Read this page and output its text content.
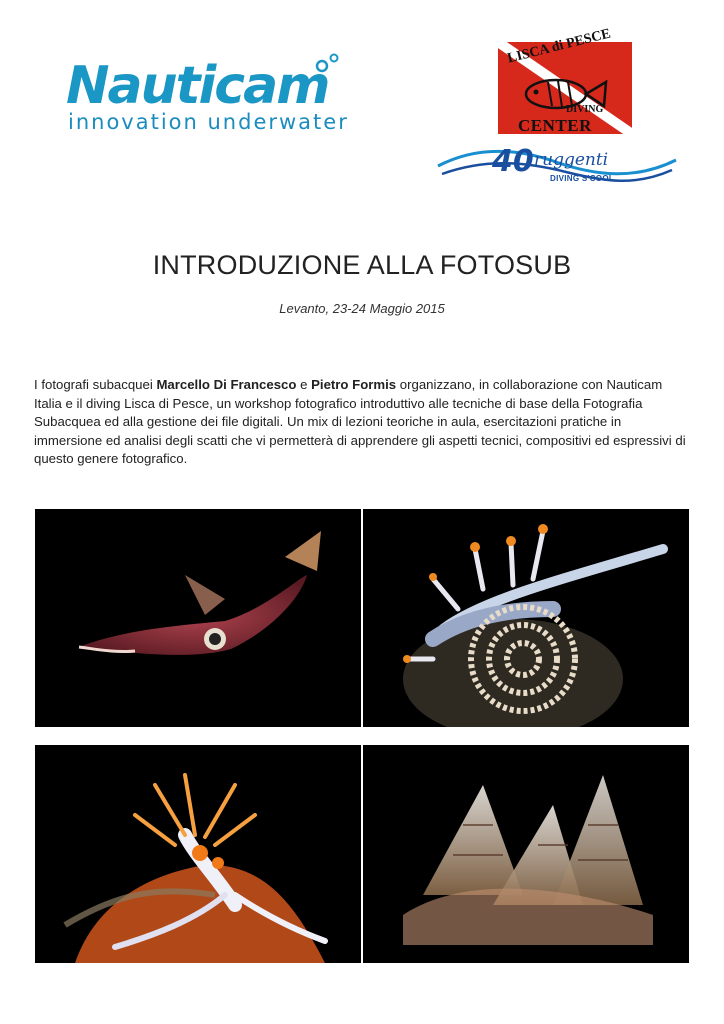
Nauticam
innovation underwater
LISCA di PESCE
DIVING
CENTER
40 ruggenti
DIVING S'COOL
INTRODUZIONE ALLA FOTOSUB
Levanto, 23-24 Maggio 2015
I fotografi subacquei Marcello Di Francesco e Pietro Formis organizzano, in collaborazione con Nauticam Italia e il diving Lisca di Pesce, un workshop fotografico introduttivo alle tecniche di base della Fotografia Subacquea ed alla gestione dei file digitali. Un mix di lezioni teoriche in aula, esercitazioni pratiche in immersione ed analisi degli scatti che vi permetterà di apprendere gli aspetti tecnici, compositivi ed espressivi di questo genere fotografico.
